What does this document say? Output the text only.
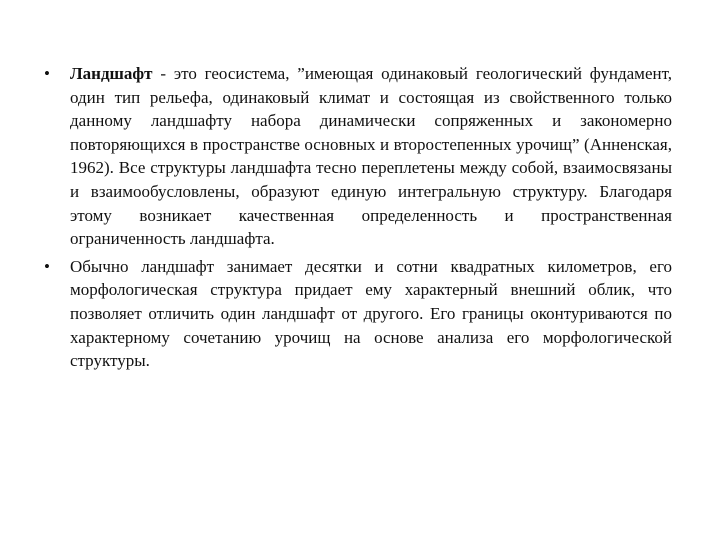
•	Ландшафт - это геосистема, ”имеющая одинаковый геологический фундамент, один тип рельефа, одинаковый климат и состоящая из свойственного только данному ландшафту набора динамически сопряженных и закономерно повторяющихся в пространстве основных и второстепенных урочищ” (Анненская, 1962). Все структуры ландшафта тесно переплетены между собой, взаимосвязаны и взаимообусловлены, образуют единую интегральную структуру. Благодаря этому возникает качественная определенность и пространственная ограниченность ландшафта.
•	Обычно ландшафт занимает десятки и сотни квадратных километров, его морфологическая структура придает ему характерный внешний облик, что позволяет отличить один ландшафт от другого. Его границы оконтуриваются по характерному сочетанию урочищ на основе анализа его морфологической структуры.
